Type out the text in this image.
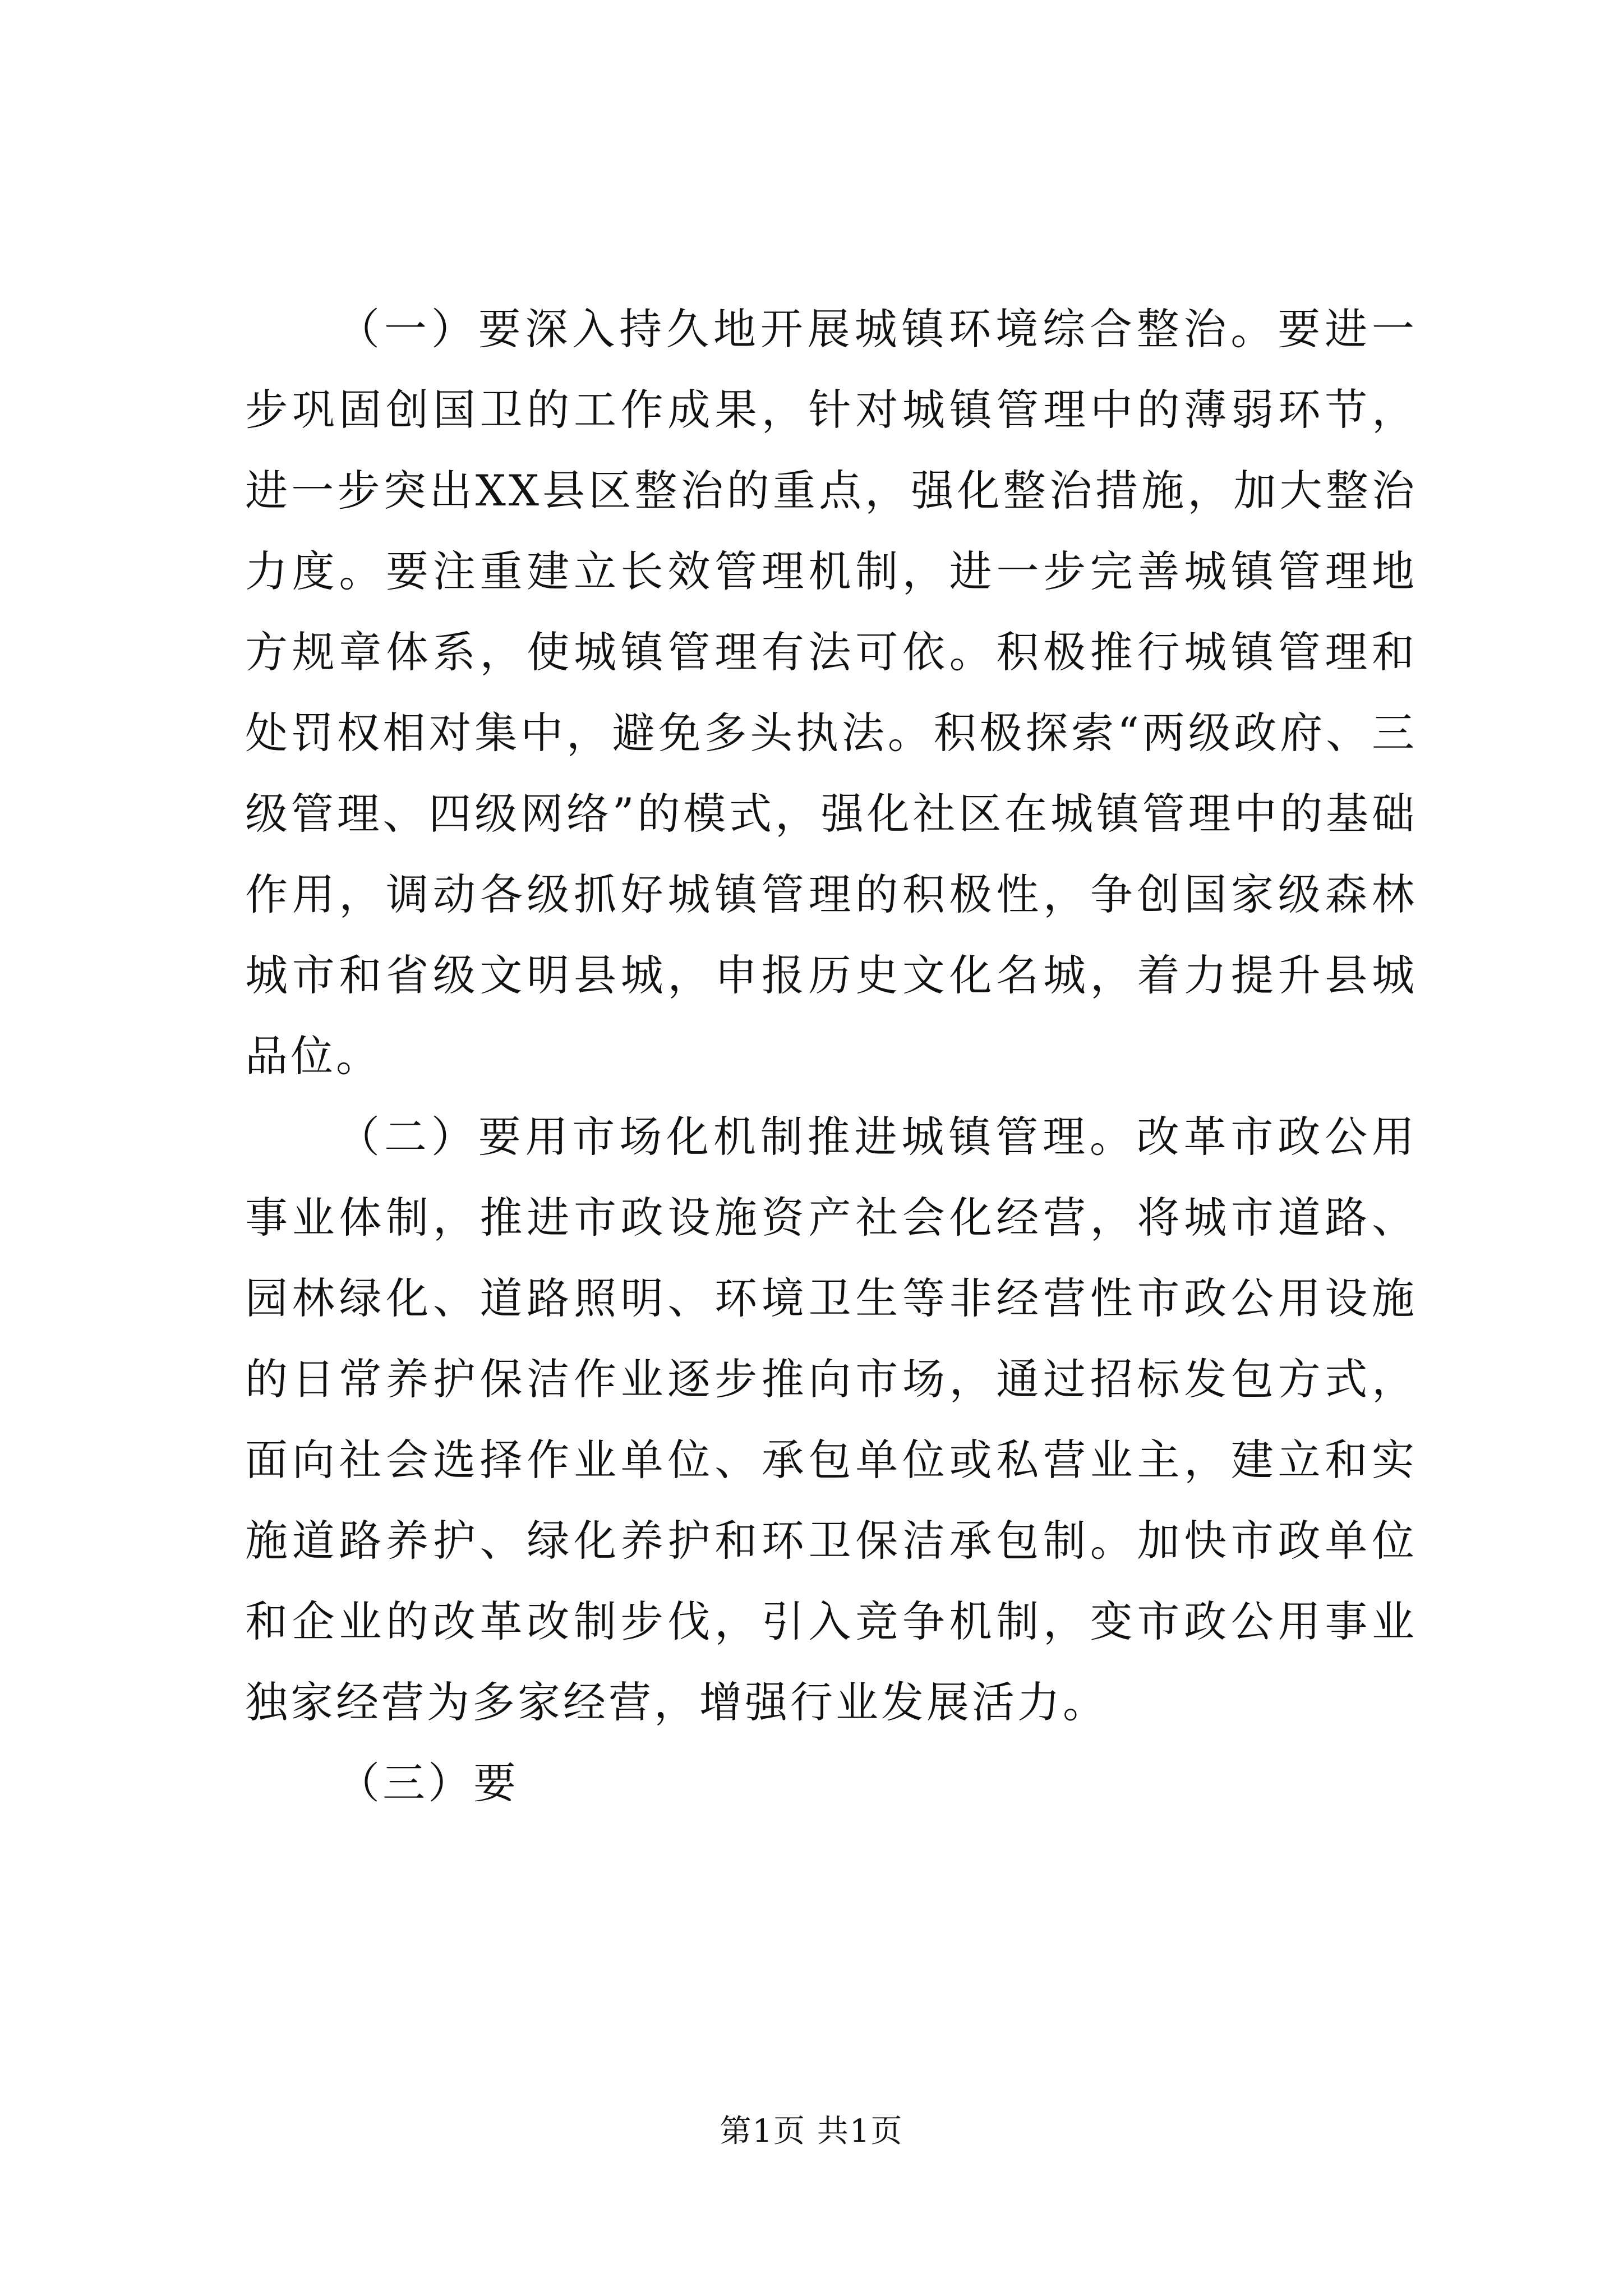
（一）要深入持久地开展城镇环境综合整治。要进一步巩固创国卫的工作成果，针对城镇管理中的薄弱环节，进一步突出XX县区整治的重点，强化整治措施，加大整治力度。要注重建立长效管理机制，进一步完善城镇管理地方规章体系，使城镇管理有法可依。积极推行城镇管理和处罚权相对集中，避免多头执法。积极探索“两级政府、三级管理、四级网络”的模式，强化社区在城镇管理中的基础作用，调动各级抓好城镇管理的积极性，争创国家级森林城市和省级文明县城，申报历史文化名城，着力提升县城品位。

（二）要用市场化机制推进城镇管理。改革市政公用事业体制，推进市政设施资产社会化经营，将城市道路、园林绿化、道路照明、环境卫生等非经营性市政公用设施的日常养护保洁作业逐步推向市场，通过招标发包方式，面向社会选择作业单位、承包单位或私营业主，建立和实施道路养护、绿化养护和环卫保洁承包制。加快市政单位和企业的改革改制步伐，引入竞争机制，变市政公用事业独家经营为多家经营，增强行业发展活力。

（三）要

第1页 共1页
